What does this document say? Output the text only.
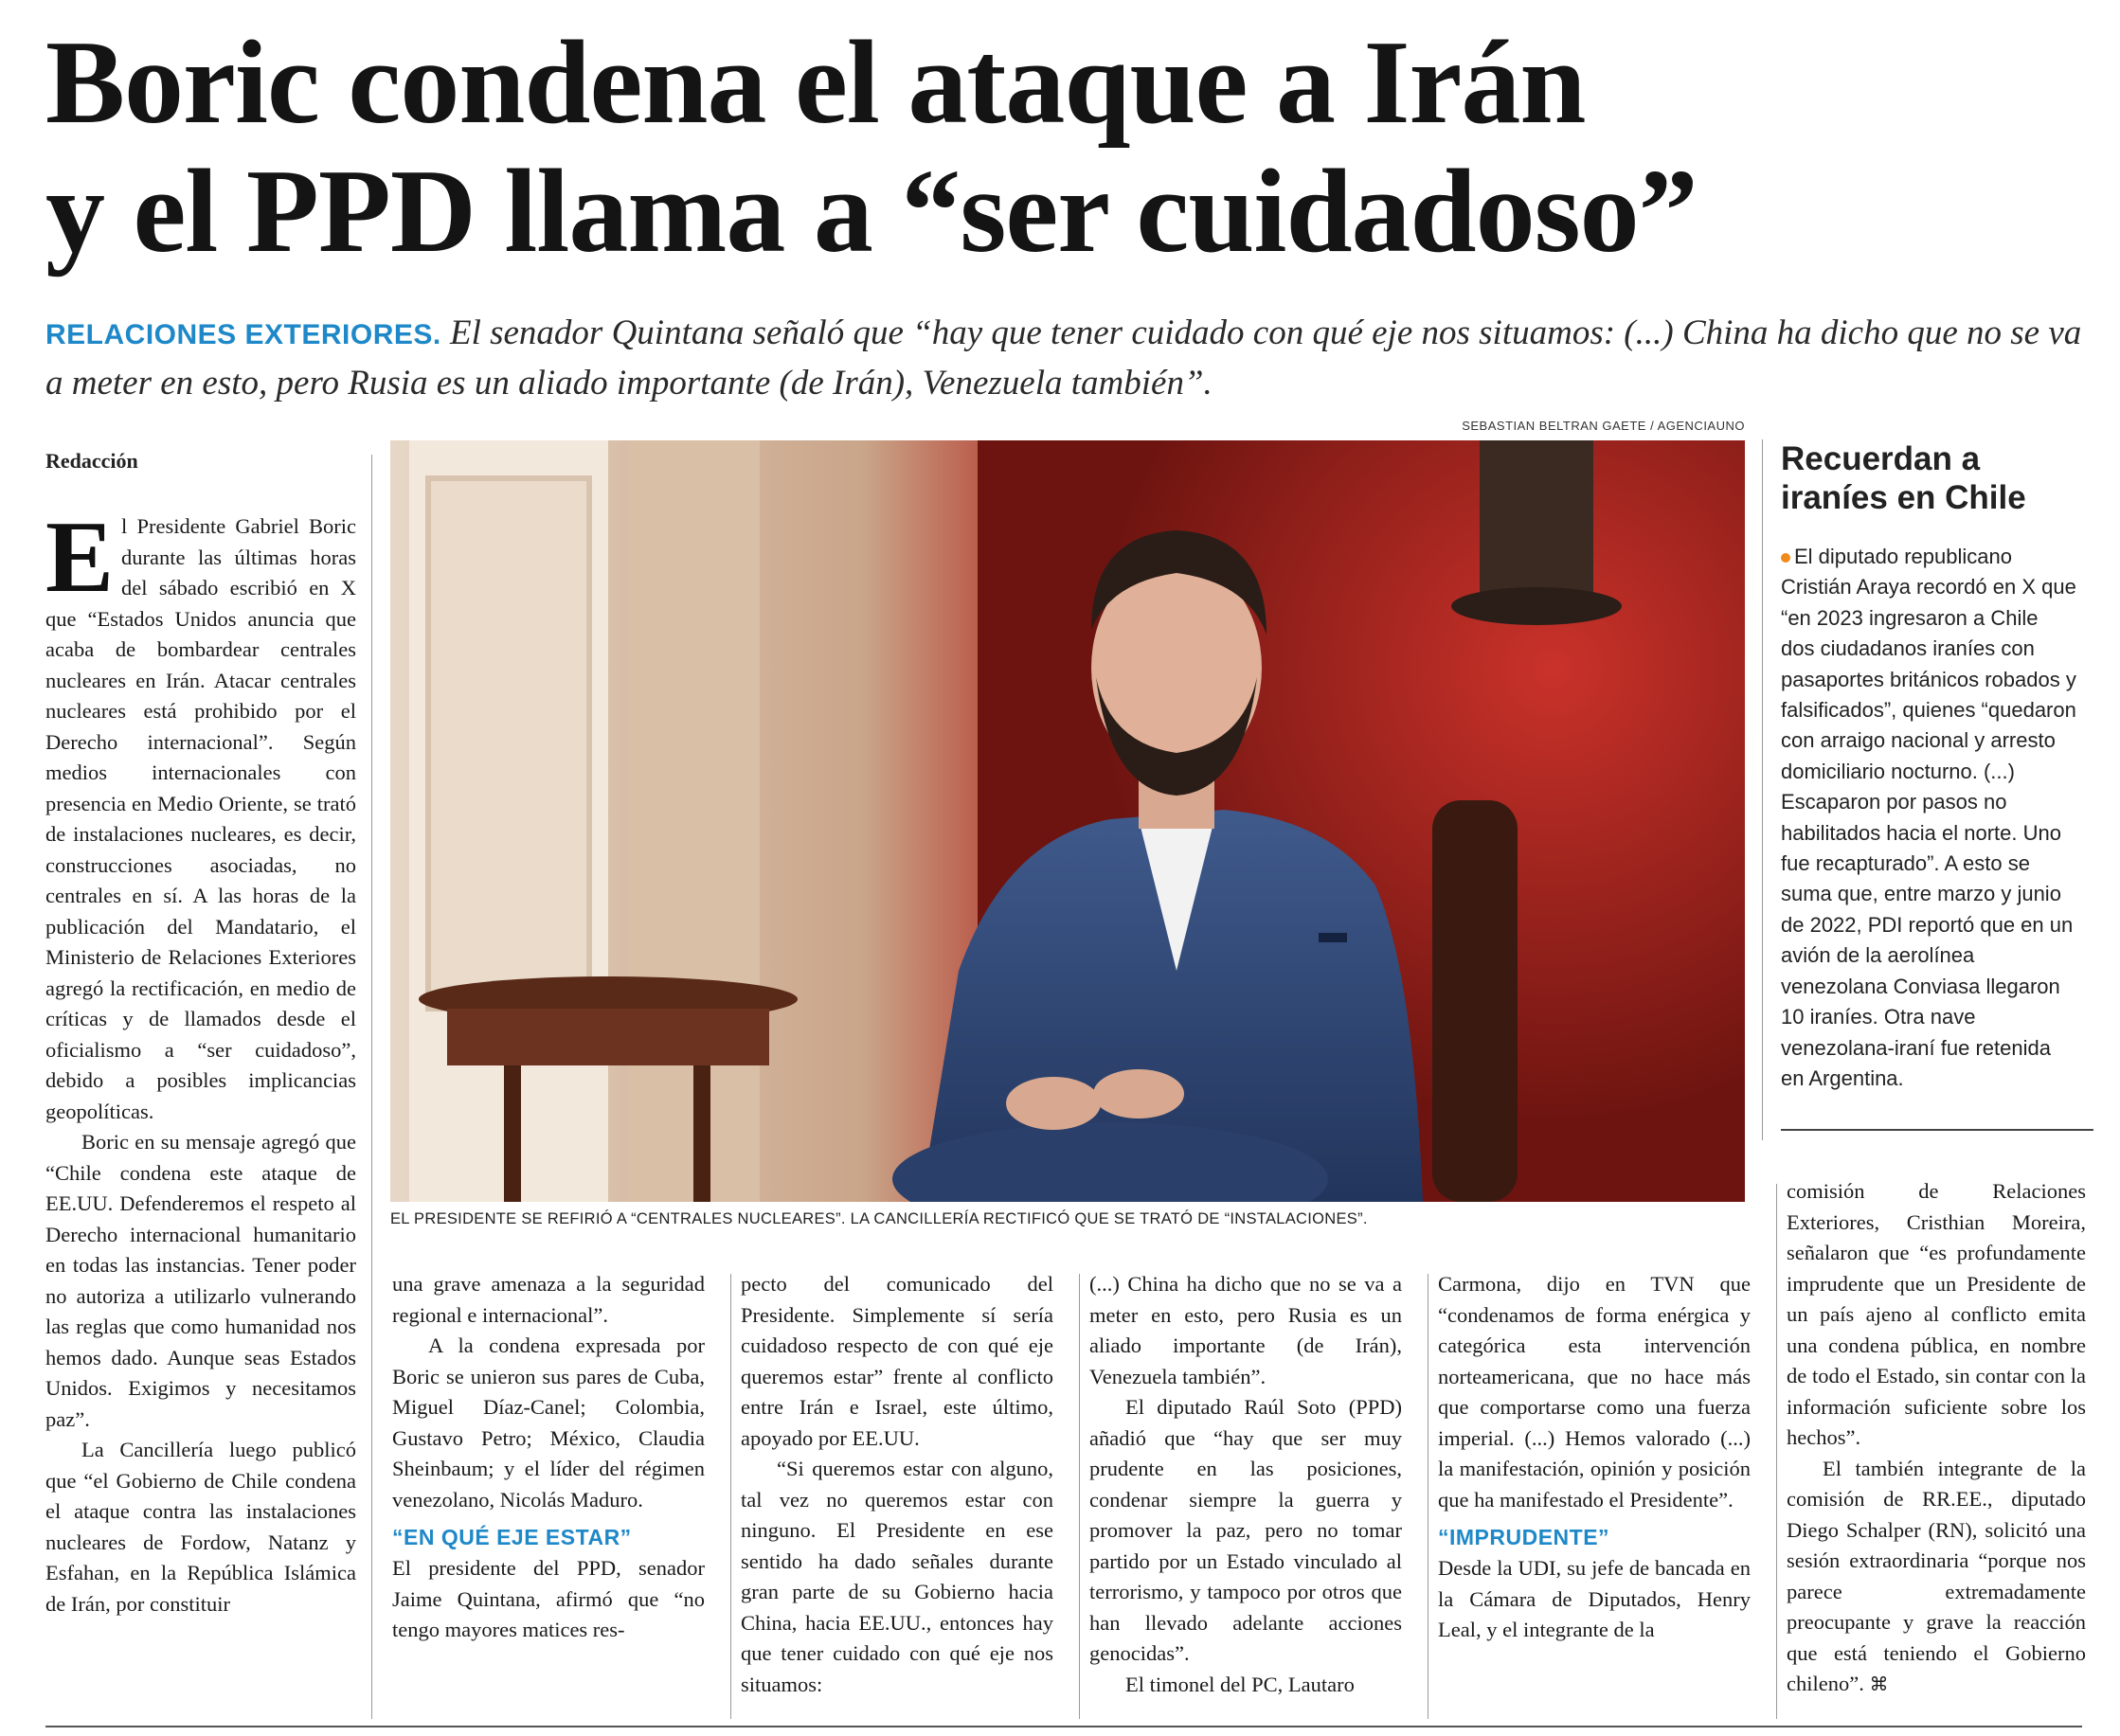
Boric condena el ataque a Irán
y el PPD llama a “ser cuidadoso”
RELACIONES EXTERIORES. El senador Quintana señaló que “hay que tener cuidado con qué eje nos situamos: (...) China ha dicho que no se va a meter en esto, pero Rusia es un aliado importante (de Irán), Venezuela también”.
SEBASTIAN BELTRAN GAETE / AGENCIAUNO
Redacción

El Presidente Gabriel Boric durante las últimas horas del sábado escribió en X que “Estados Unidos anuncia que acaba de bombardear centrales nucleares en Irán. Atacar centrales nucleares está prohibido por el Derecho internacional”. Según medios internacionales con presencia en Medio Oriente, se trató de instalaciones nucleares, es decir, construcciones asociadas, no centrales en sí. A las horas de la publicación del Mandatario, el Ministerio de Relaciones Exteriores agregó la rectificación, en medio de críticas y de llamados desde el oficialismo a “ser cuidadoso”, debido a posibles implicancias geopolíticas.

Boric en su mensaje agregó que “Chile condena este ataque de EE.UU. Defenderemos el respeto al Derecho internacional humanitario en todas las instancias. Tener poder no autoriza a utilizarlo vulnerando las reglas que como humanidad nos hemos dado. Aunque seas Estados Unidos. Exigimos y necesitamos paz”.

La Cancillería luego publicó que “el Gobierno de Chile condena el ataque contra las instalaciones nucleares de Fordow, Natanz y Esfahan, en la República Islámica de Irán, por constituir

EL PRESIDENTE SE REFIRIÓ A “CENTRALES NUCLEARES”. LA CANCILLERÍA RECTIFICÓ QUE SE TRATÓ DE “INSTALACIONES”.
Recuerdan a iraníes en Chile
El diputado republicano Cristián Araya recordó en X que “en 2023 ingresaron a Chile dos ciudadanos iraníes con pasaportes británicos robados y falsificados”, quienes “quedaron con arraigo nacional y arresto domiciliario nocturno. (...) Escaparon por pasos no habilitados hacia el norte. Uno fue recapturado”. A esto se suma que, entre marzo y junio de 2022, PDI reportó que en un avión de la aerolínea venezolana Conviasa llegaron 10 iraníes. Otra nave venezolana-iraní fue retenida en Argentina.

una grave amenaza a la seguridad regional e internacional”.

A la condena expresada por Boric se unieron sus pares de Cuba, Miguel Díaz-Canel; Colombia, Gustavo Petro; México, Claudia Sheinbaum; y el líder del régimen venezolano, Nicolás Maduro.

“EN QUÉ EJE ESTAR”

El presidente del PPD, senador Jaime Quintana, afirmó que “no tengo mayores matices res-

pecto del comunicado del Presidente. Simplemente sí sería cuidadoso respecto de con qué eje queremos estar” frente al conflicto entre Irán e Israel, este último, apoyado por EE.UU.

“Si queremos estar con alguno, tal vez no queremos estar con ninguno. El Presidente en ese sentido ha dado señales durante gran parte de su Gobierno hacia China, hacia EE.UU., entonces hay que tener cuidado con qué eje nos situamos:

(...) China ha dicho que no se va a meter en esto, pero Rusia es un aliado importante (de Irán), Venezuela también”.

El diputado Raúl Soto (PPD) añadió que “hay que ser muy prudente en las posiciones, condenar siempre la guerra y promover la paz, pero no tomar partido por un Estado vinculado al terrorismo, y tampoco por otros que han llevado adelante acciones genocidas”.

El timonel del PC, Lautaro

Carmona, dijo en TVN que “condenamos de forma enérgica y categórica esta intervención norteamericana, que no hace más que comportarse como una fuerza imperial. (...) Hemos valorado (...) la manifestación, opinión y posición que ha manifestado el Presidente”.

“IMPRUDENTE”

Desde la UDI, su jefe de bancada en la Cámara de Diputados, Henry Leal, y el integrante de la

comisión de Relaciones Exteriores, Cristhian Moreira, señalaron que “es profundamente imprudente que un Presidente de un país ajeno al conflicto emita una condena pública, en nombre de todo el Estado, sin contar con la información suficiente sobre los hechos”.

El también integrante de la comisión de RR.EE., diputado Diego Schalper (RN), solicitó una sesión extraordinaria “porque nos parece extremadamente preocupante y grave la reacción que está teniendo el Gobierno chileno”. ⌘
